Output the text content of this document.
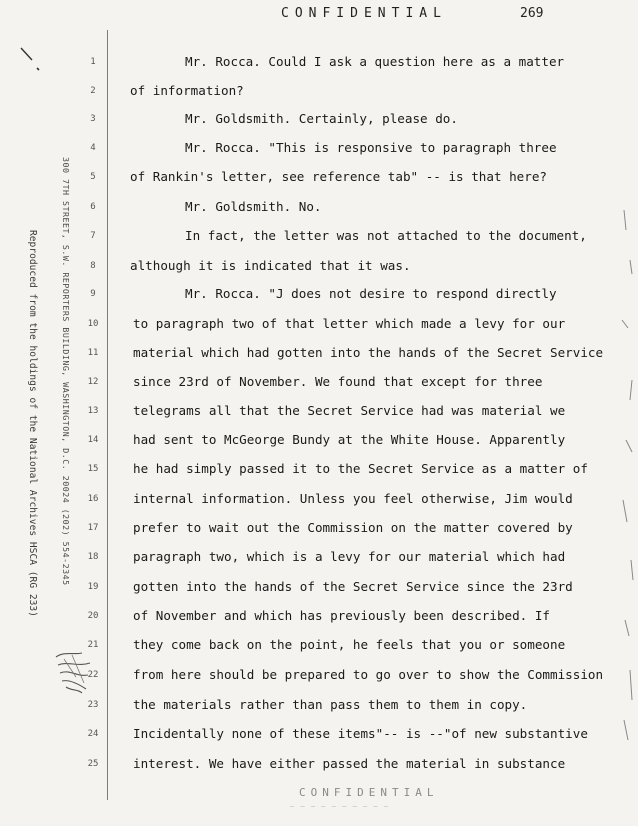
CONFIDENTIAL	269
Reproduced from the holdings of the National Archives HSCA (RG 233)	300 7TH STREET, S.W. REPORTERS BUILDING, WASHINGTON, D.C. 20024 (202) 554-2345
1
2
3
4
5
6
7
8
9
10
11
12
13
14
15
16
17
18
19
20
21
22
23
24
25
Mr. Rocca. Could I ask a question here as a matter
of information?
Mr. Goldsmith. Certainly, please do.
Mr. Rocca. "This is responsive to paragraph three
of Rankin's letter, see reference tab" -- is that here?
Mr. Goldsmith. No.
In fact, the letter was not attached to the document,
although it is indicated that it was.
Mr. Rocca. "J does not desire to respond directly
to paragraph two of that letter which made a levy for our
material which had gotten into the hands of the Secret Service
since 23rd of November. We found that except for three
telegrams all that the Secret Service had was material we
had sent to McGeorge Bundy at the White House. Apparently
he had simply passed it to the Secret Service as a matter of
internal information. Unless you feel otherwise, Jim would
prefer to wait out the Commission on the matter covered by
paragraph two, which is a levy for our material which had
gotten into the hands of the Secret Service since the 23rd
of November and which has previously been described. If
they come back on the point, he feels that you or someone
from here should be prepared to go over to show the Commission
the materials rather than pass them to them in copy.
Incidentally none of these items"-- is --"of new substantive
interest. We have either passed the material in substance
CONFIDENTIAL
— — — — — — — — — —
